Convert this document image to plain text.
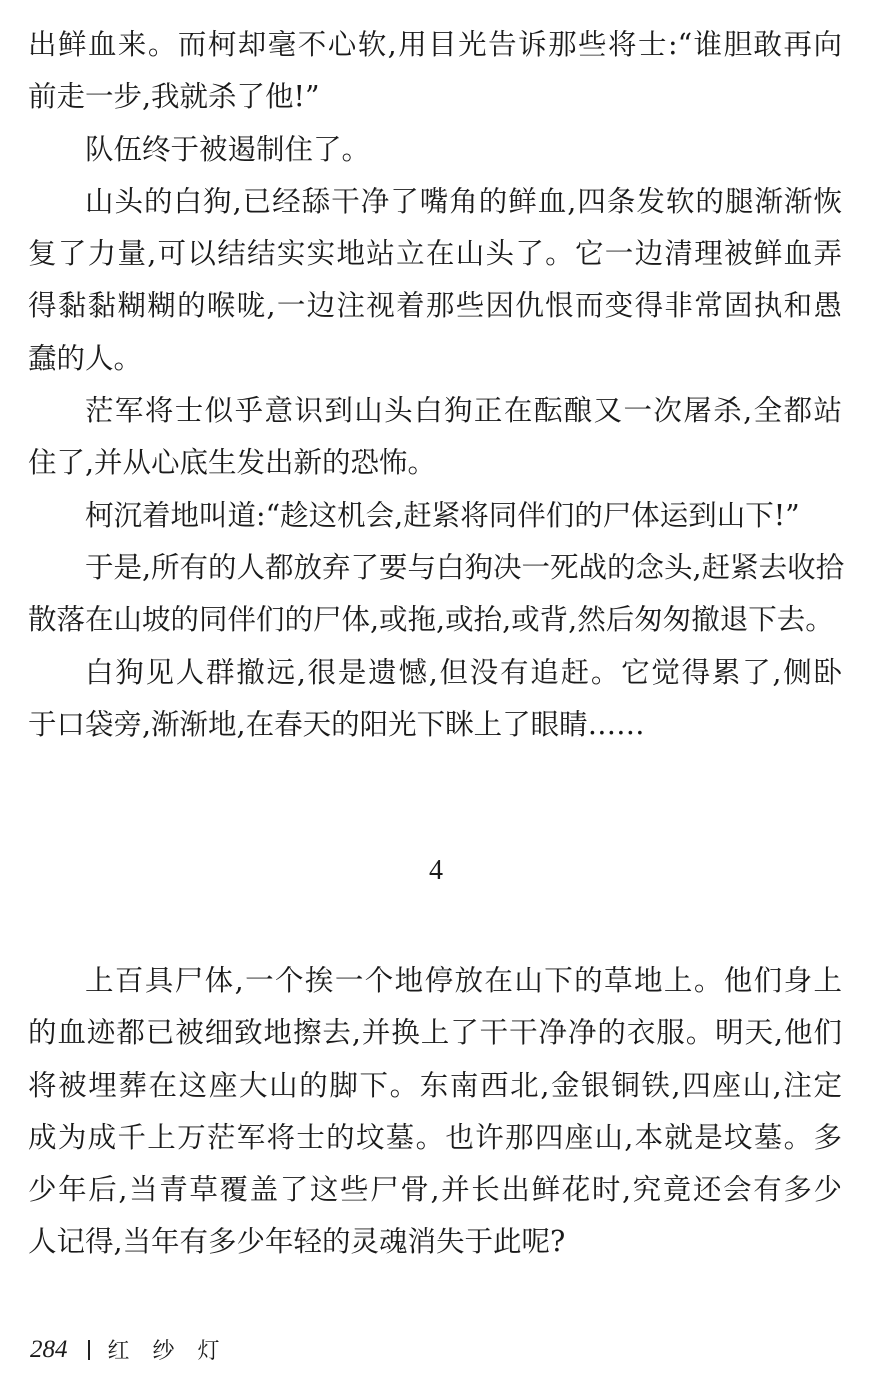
出鲜血来。而柯却毫不心软,用目光告诉那些将士:“谁胆敢再向
前走一步,我就杀了他!”
队伍终于被遏制住了。
山头的白狗,已经舔干净了嘴角的鲜血,四条发软的腿渐渐恢
复了力量,可以结结实实地站立在山头了。它一边清理被鲜血弄
得黏黏糊糊的喉咙,一边注视着那些因仇恨而变得非常固执和愚
蠢的人。
茫军将士似乎意识到山头白狗正在酝酿又一次屠杀,全都站
住了,并从心底生发出新的恐怖。
柯沉着地叫道:“趁这机会,赶紧将同伴们的尸体运到山下!”
于是,所有的人都放弃了要与白狗决一死战的念头,赶紧去收拾
散落在山坡的同伴们的尸体,或拖,或抬,或背,然后匆匆撤退下去。
白狗见人群撤远,很是遗憾,但没有追赶。它觉得累了,侧卧
于口袋旁,渐渐地,在春天的阳光下眯上了眼睛……
4
上百具尸体,一个挨一个地停放在山下的草地上。他们身上
的血迹都已被细致地擦去,并换上了干干净净的衣服。明天,他们
将被埋葬在这座大山的脚下。东南西北,金银铜铁,四座山,注定
成为成千上万茫军将士的坟墓。也许那四座山,本就是坟墓。多
少年后,当青草覆盖了这些尸骨,并长出鲜花时,究竟还会有多少
人记得,当年有多少年轻的灵魂消失于此呢?
284 红 纱 灯
